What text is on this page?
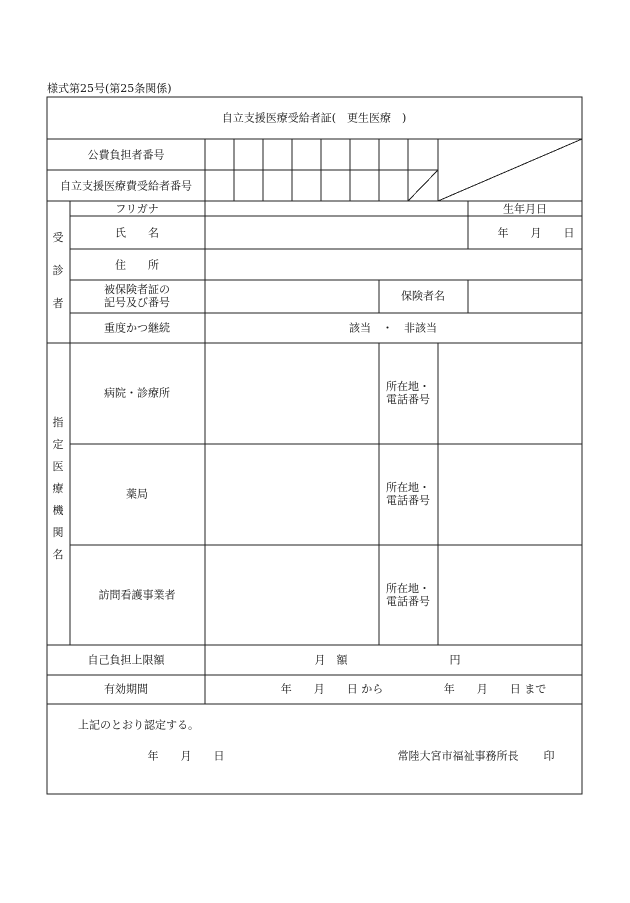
様式第25号(第25条関係)
自立支援医療受給者証(　更生医療　)
公費負担者番号
自立支援医療費受給者番号
受
診
者
フリガナ	生年月日
氏　　名	年　　月　　日
住　　所
被保険者証の
記号及び番号	保険者名
重度かつ継続	該当　・　非該当
指
定
医
療
機
関
名
病院・診療所	所在地・
電話番号
薬局	所在地・
電話番号
訪問看護事業者	所在地・
電話番号
自己負担上限額	月　額	円
有効期間	年　　月　　日 から	年　　月　　日 まで
上記のとおり認定する。
年　　月　　日	常陸大宮市福祉事務所長 印
